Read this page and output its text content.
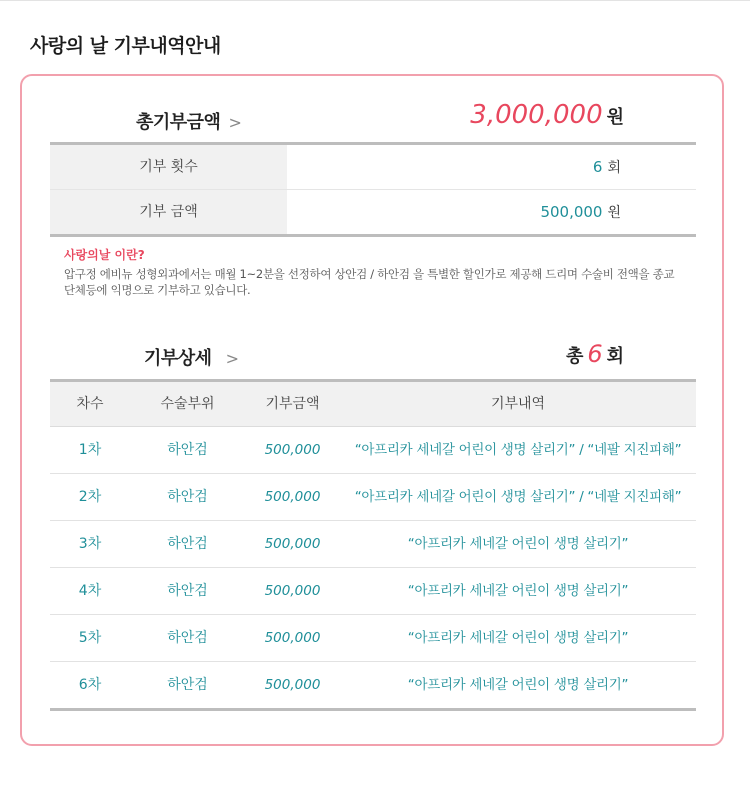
사랑의 날 기부내역안내
총기부금액 >	3,000,000 원
기부 횟수	6 회
기부 금액	500,000 원
사랑의날 이란?
압구정 에비뉴 성형외과에서는 매월 1~2분을 선정하여 상안검 / 하안검 을 특별한 할인가로 제공해 드리며 수술비 전액을 종교단체등에 익명으로 기부하고 있습니다.
기부상세 >	총 6 회
차수	수술부위	기부금액	기부내역
1차	하안검	500,000	“아프리카 세네갈 어린이 생명 살리기” / “네팔 지진피해”
2차	하안검	500,000	“아프리카 세네갈 어린이 생명 살리기” / “네팔 지진피해”
3차	하안검	500,000	“아프리카 세네갈 어린이 생명 살리기”
4차	하안검	500,000	“아프리카 세네갈 어린이 생명 살리기”
5차	하안검	500,000	“아프리카 세네갈 어린이 생명 살리기”
6차	하안검	500,000	“아프리카 세네갈 어린이 생명 살리기”
